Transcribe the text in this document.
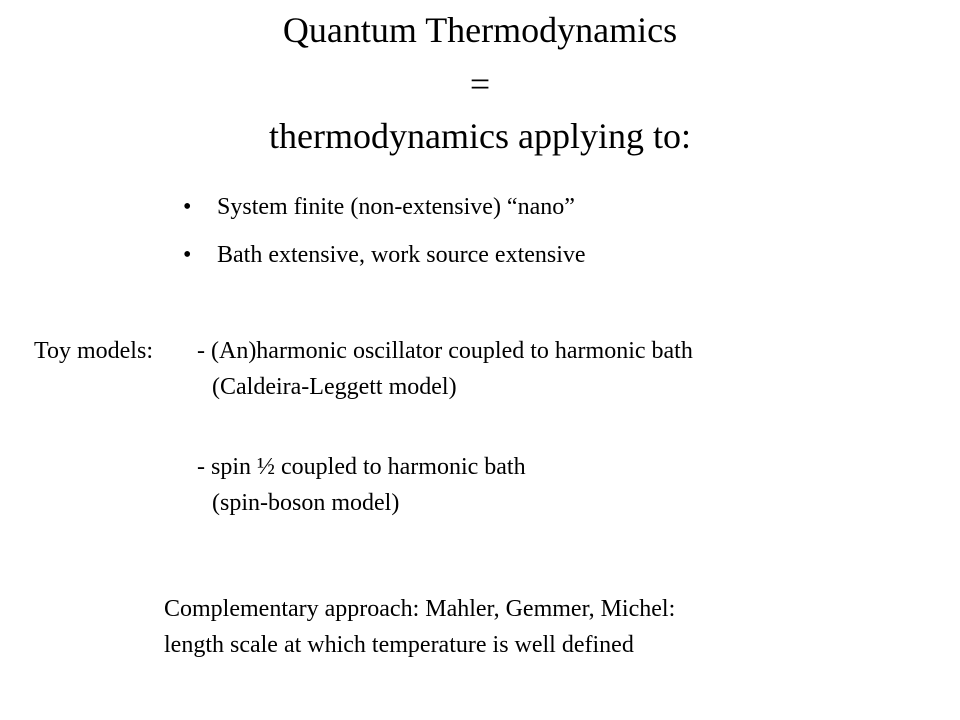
Quantum Thermodynamics
=
thermodynamics applying to:
• System finite (non-extensive) “nano”
• Bath extensive, work source extensive
Toy models: - (An)harmonic oscillator coupled to harmonic bath
(Caldeira-Leggett model)
- spin ½ coupled to harmonic bath
(spin-boson model)
Complementary approach: Mahler, Gemmer, Michel:
length scale at which temperature is well defined
